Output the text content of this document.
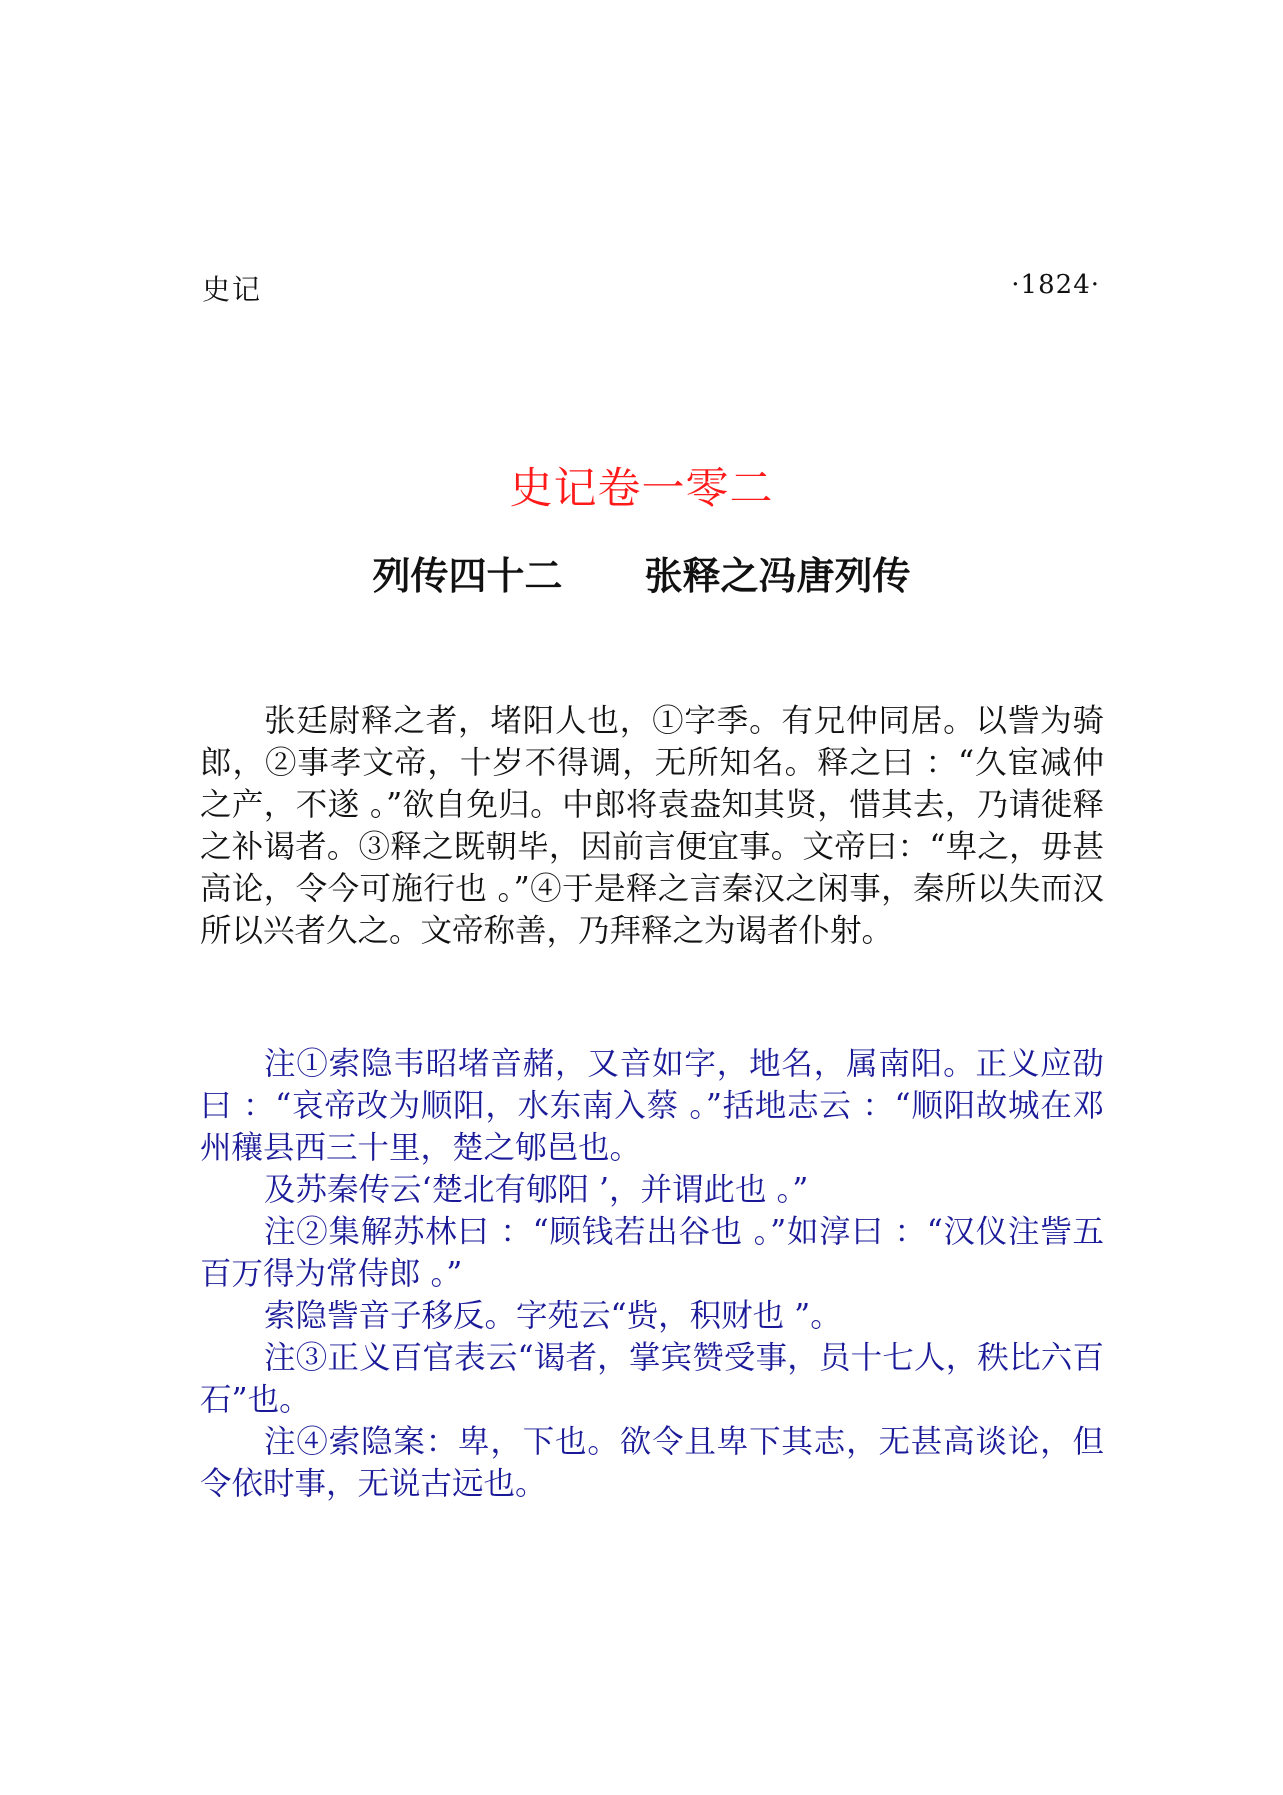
史记	·1824·
史记卷一零二
列传四十二 张释之冯唐列传

张廷尉释之者，堵阳人也，①字季。有兄仲同居。以訾为骑郎，②事孝文帝，十岁不得调，无所知名。释之曰 ：“久宦减仲之产，不遂 。”欲自免归。中郎将袁盎知其贤，惜其去，乃请徙释之补谒者。③释之既朝毕，因前言便宜事。文帝曰：“卑之，毋甚高论，令今可施行也 。”④于是释之言秦汉之闲事，秦所以失而汉所以兴者久之。文帝称善，乃拜释之为谒者仆射。

注①索隐韦昭堵音赭，又音如字，地名，属南阳。正义应劭曰 ：“哀帝改为顺阳，水东南入蔡 。”括地志云 ：“顺阳故城在邓州穰县西三十里，楚之郇邑也。

及苏秦传云‘楚北有郇阳 ’，并谓此也 。”

注②集解苏林曰 ：“顾钱若出谷也 。”如淳曰 ：“汉仪注訾五百万得为常侍郎 。”

索隐訾音子移反。字苑云“赀，积财也 ”。

注③正义百官表云“谒者，掌宾赞受事，员十七人，秩比六百石”也。

注④索隐案：卑，下也。欲令且卑下其志，无甚高谈论，但令依时事，无说古远也。
